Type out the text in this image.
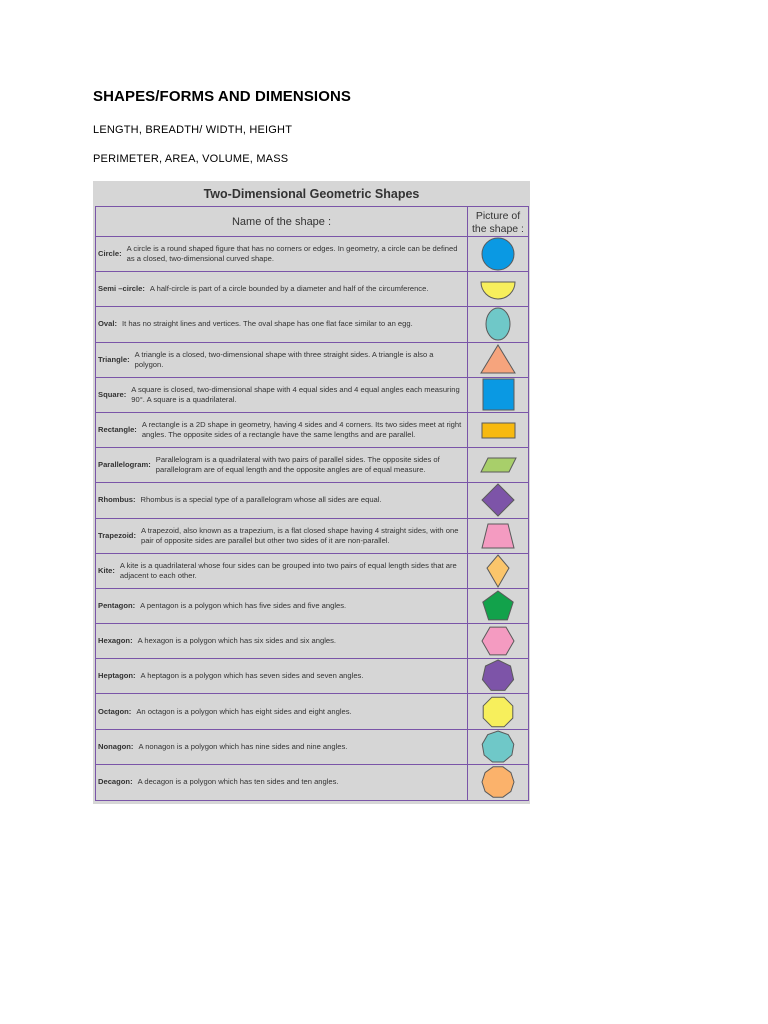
SHAPES/FORMS AND DIMENSIONS
LENGTH, BREADTH/ WIDTH, HEIGHT
PERIMETER, AREA, VOLUME, MASS
Two-Dimensional Geometric Shapes
Name of the shape :	Picture of
the shape :
Circle:
A circle is a round shaped figure that has no corners or edges. In geometry, a circle can be defined as a closed, two-dimensional curved shape.
Semi –circle: A half-circle is part of a circle bounded by a diameter and half of the circumference.
Oval: It has no straight lines and vertices. The oval shape has one flat face similar to an egg.
Triangle:
A triangle is a closed, two-dimensional shape with three straight sides. A triangle is also a polygon.
Square:
A square is closed, two-dimensional shape with 4 equal sides and 4 equal angles each measuring 90°. A square is a quadrilateral.
Rectangle:
A rectangle is a 2D shape in geometry, having 4 sides and 4 corners. Its two sides meet at right angles. The opposite sides of a rectangle have the same lengths and are parallel.
Parallelogram:
Parallelogram is a quadrilateral with two pairs of parallel sides. The opposite sides of parallelogram are of equal length and the opposite angles are of equal measure.
Rhombus: Rhombus is a special type of a parallelogram whose all sides are equal.
Trapezoid:
A trapezoid, also known as a trapezium, is a flat closed shape having 4 straight sides, with one pair of opposite sides are parallel but other two sides of it are non-parallel.
Kite:
A kite is a quadrilateral whose four sides can be grouped into two pairs of equal length sides that are adjacent to each other.
Pentagon: A pentagon is a polygon which has five sides and five angles.
Hexagon: A hexagon is a polygon which has six sides and six angles.
Heptagon: A heptagon is a polygon which has seven sides and seven angles.
Octagon: An octagon is a polygon which has eight sides and eight angles.
Nonagon: A nonagon is a polygon which has nine sides and nine angles.
Decagon: A decagon is a polygon which has ten sides and ten angles.
